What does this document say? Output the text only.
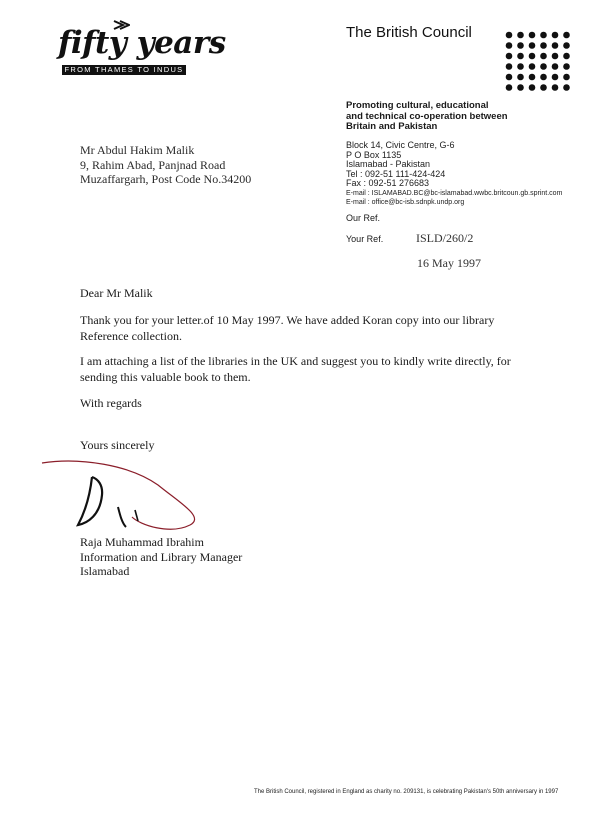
fifty years
FROM THAMES TO INDUS
The British Council
Promoting cultural, educational
and technical co-operation between
Britain and Pakistan
Mr Abdul Hakim Malik
9, Rahim Abad, Panjnad Road
Muzaffargarh, Post Code No.34200
Block 14, Civic Centre, G-6
P O Box 1135
Islamabad - Pakistan
Tel : 092-51 111-424-424
Fax : 092-51 276683
E-mail : ISLAMABAD.BC@bc-islamabad.wwbc.britcoun.gb.sprint.com
E-mail : office@bc-isb.sdnpk.undp.org
Our Ref.
Your Ref.	ISLD/260/2
16 May 1997
Dear Mr Malik
Thank you for your letter.of 10 May 1997. We have added Koran copy into our library Reference collection.
I am attaching a list of the libraries in the UK and suggest you to kindly write directly, for sending this valuable book to them.
With regards
Yours sincerely
Raja Muhammad Ibrahim
Information and Library Manager
Islamabad
The British Council, registered in England as charity no. 209131, is celebrating Pakistan's 50th anniversary in 1997
